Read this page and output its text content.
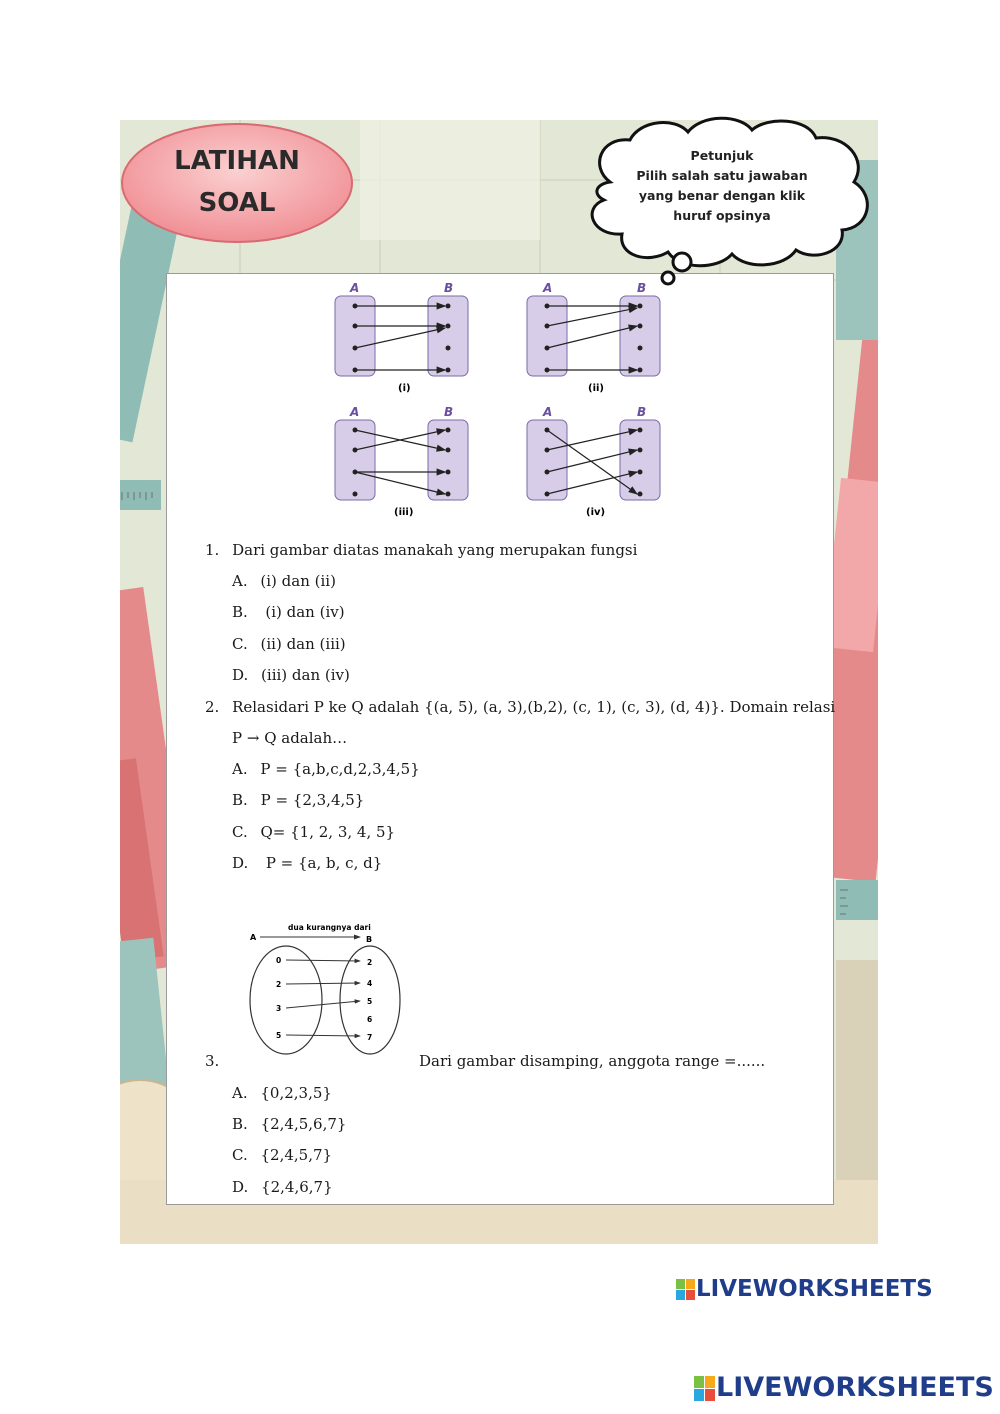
LATIHAN
SOAL
Petunjuk
Pilih salah satu jawaban
yang benar dengan klik
huruf opsinya
A	B
(i)
A	B
(ii)
A	B
(iii)
A	B
(iv)
1. Dari gambar diatas manakah yang merupakan fungsi
A. (i) dan (ii)
B.  (i) dan (iv)
C. (ii) dan (iii)
D. (iii) dan (iv)
2. Relasidari P ke Q adalah {(a, 5), (a, 3),(b,2), (c, 1), (c, 3), (d, 4)}. Domain relasi
P → Q adalah…
A. P = {a,b,c,d,2,3,4,5}
B. P = {2,3,4,5}
C. Q= {1, 2, 3, 4, 5}
D.  P = {a, b, c, d}
dua kurangnya dari
A	B
0
2
3
5
2
4
5
6
7
3.	Dari gambar disamping, anggota range =......
A. {0,2,3,5}
B. {2,4,5,6,7}
C. {2,4,5,7}
D. {2,4,6,7}
LIVEWORKSHEETS
LIVEWORKSHEETS
